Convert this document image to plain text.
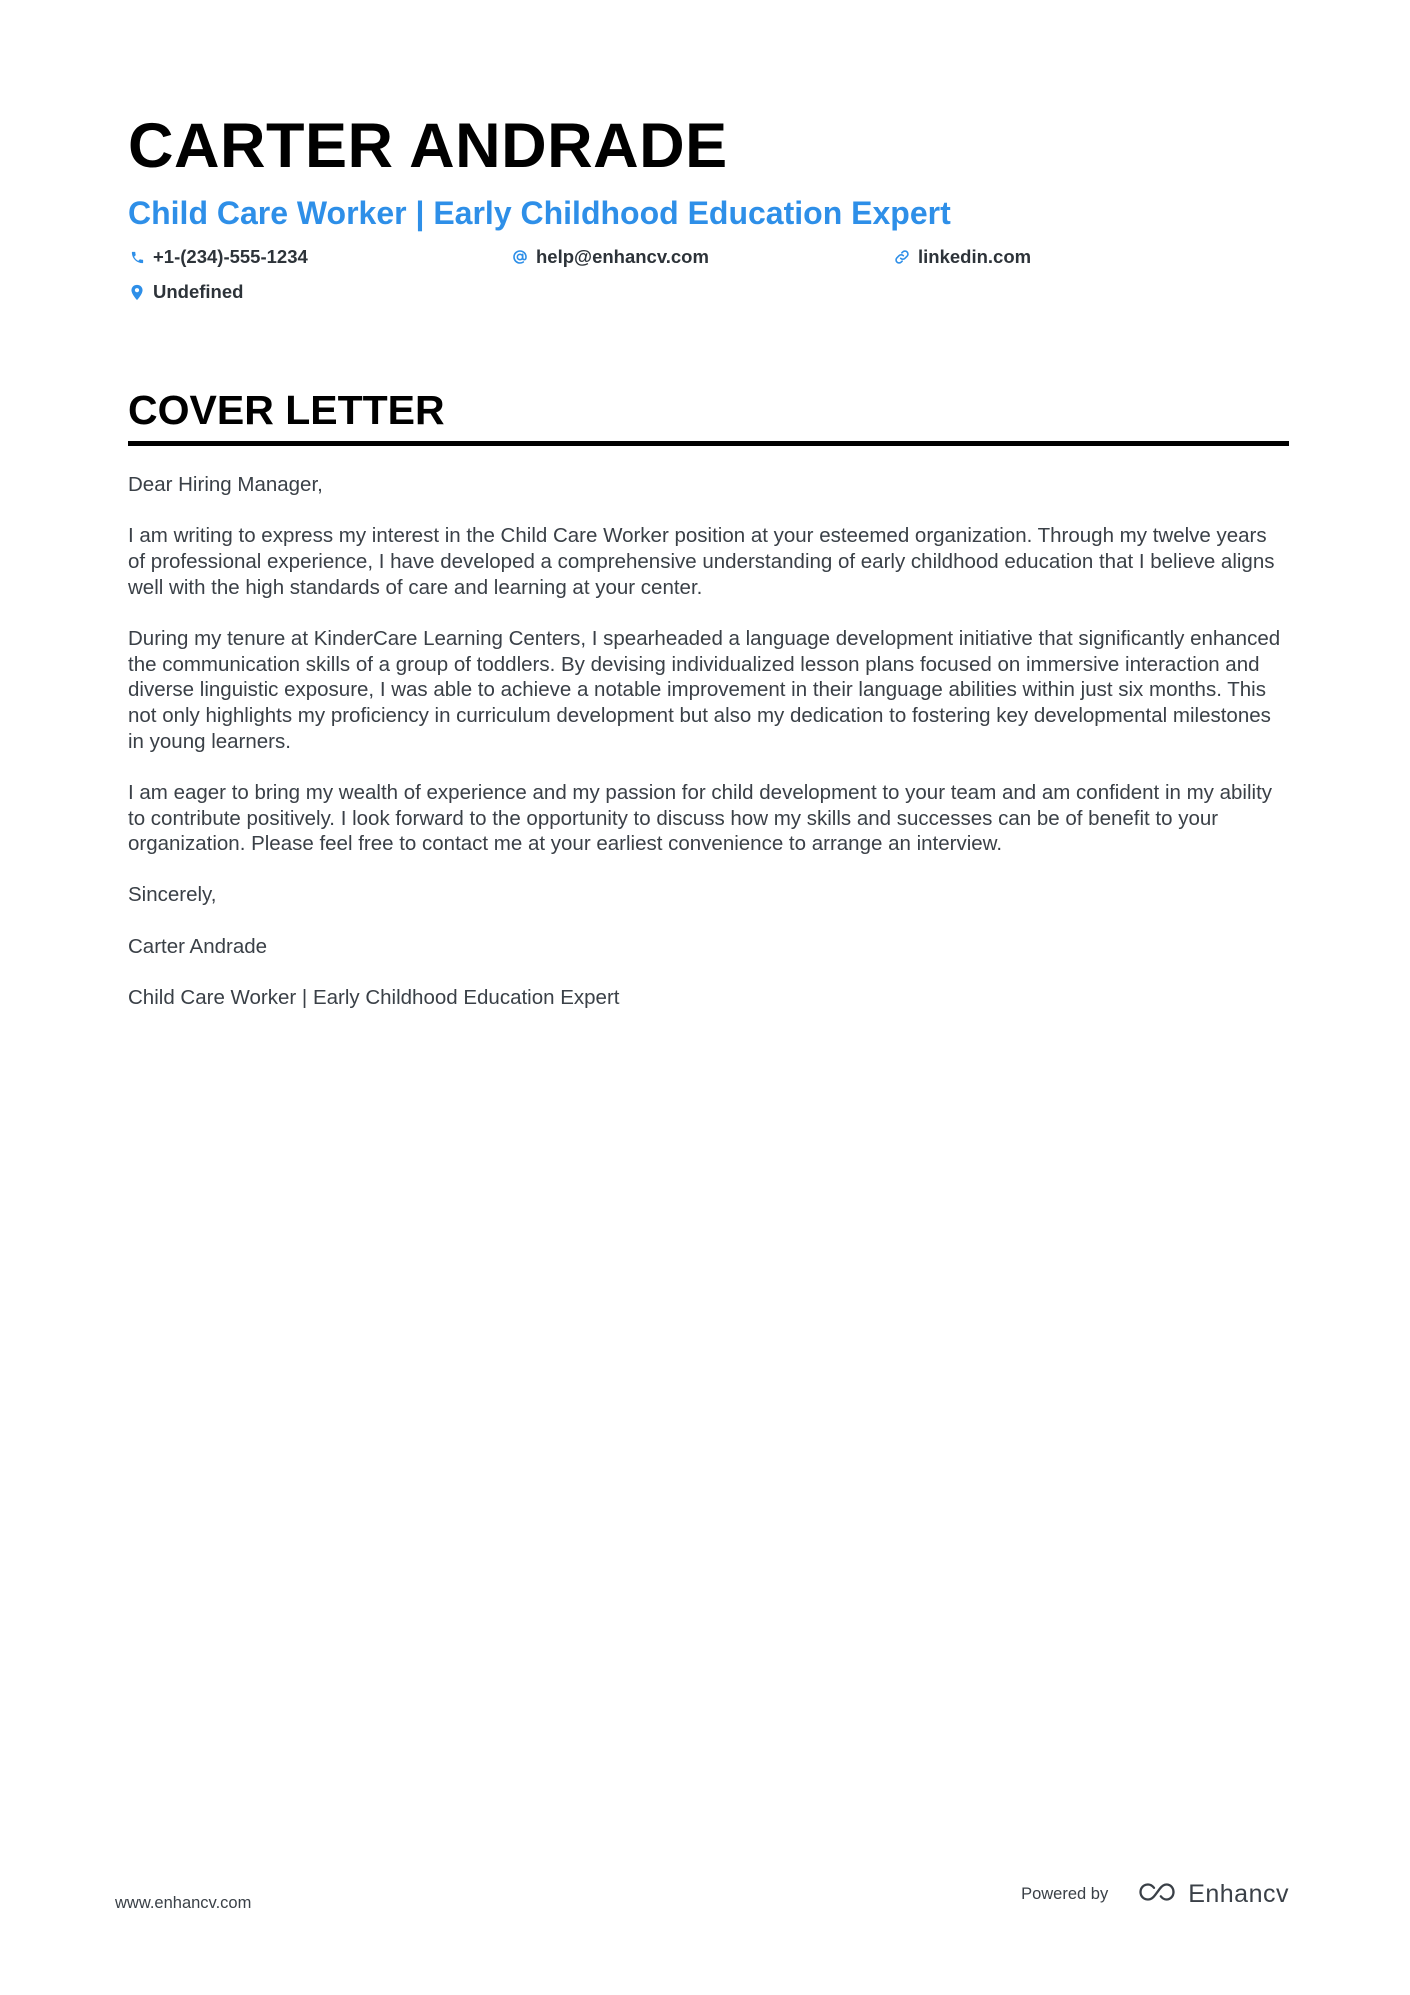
CARTER ANDRADE
Child Care Worker | Early Childhood Education Expert
+1-(234)-555-1234	help@enhancv.com	linkedin.com
Undefined
COVER LETTER

Dear Hiring Manager,

I am writing to express my interest in the Child Care Worker position at your esteemed organization. Through my twelve years of professional experience, I have developed a comprehensive understanding of early childhood education that I believe aligns well with the high standards of care and learning at your center.

During my tenure at KinderCare Learning Centers, I spearheaded a language development initiative that significantly enhanced the communication skills of a group of toddlers. By devising individualized lesson plans focused on immersive interaction and diverse linguistic exposure, I was able to achieve a notable improvement in their language abilities within just six months. This not only highlights my proficiency in curriculum development but also my dedication to fostering key developmental milestones in young learners.

I am eager to bring my wealth of experience and my passion for child development to your team and am confident in my ability to contribute positively. I look forward to the opportunity to discuss how my skills and successes can be of benefit to your organization. Please feel free to contact me at your earliest convenience to arrange an interview.

Sincerely,

Carter Andrade

Child Care Worker | Early Childhood Education Expert

www.enhancv.com	Powered by	Enhancv
